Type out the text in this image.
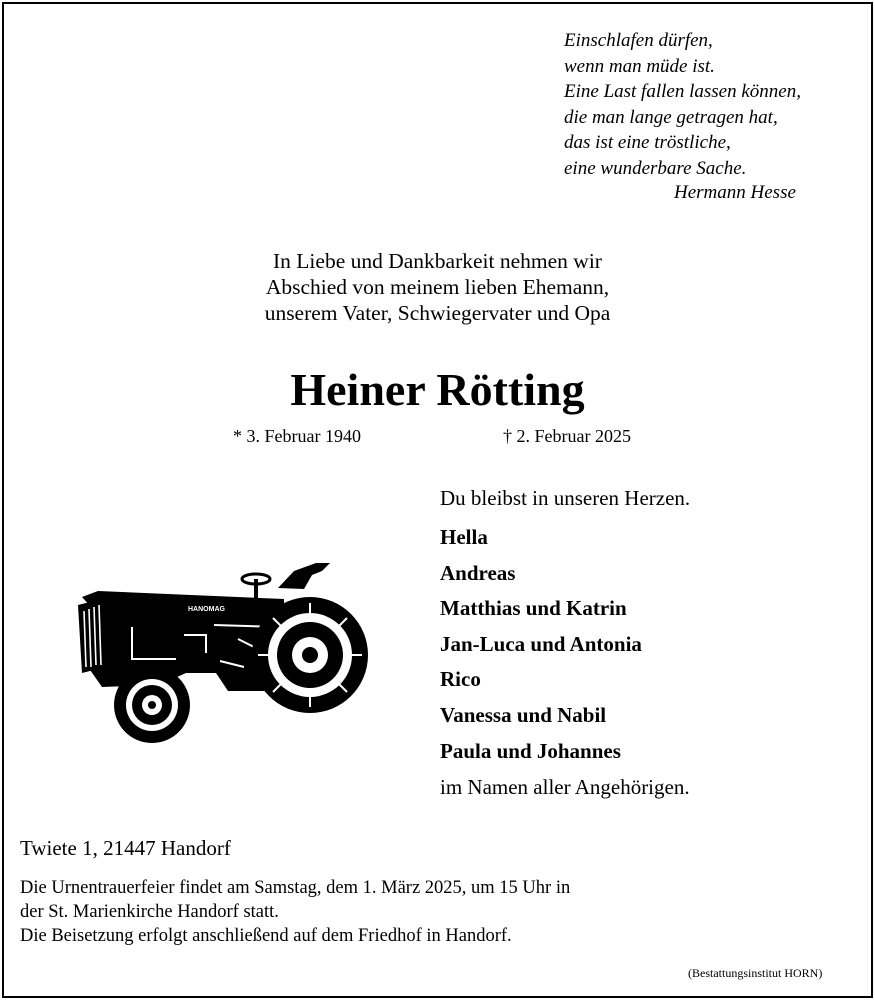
Einschlafen dürfen,
wenn man müde ist.
Eine Last fallen lassen können,
die man lange getragen hat,
das ist eine tröstliche,
eine wunderbare Sache.
Hermann Hesse
In Liebe und Dankbarkeit nehmen wir
Abschied von meinem lieben Ehemann,
unserem Vater, Schwiegervater und Opa
Heiner Rötting
* 3. Februar 1940	† 2. Februar 2025
HANOMAG
Du bleibst in unseren Herzen.
Hella
Andreas
Matthias und Katrin
Jan-Luca und Antonia
Rico
Vanessa und Nabil
Paula und Johannes
im Namen aller Angehörigen.
Twiete 1, 21447 Handorf
Die Urnentrauerfeier findet am Samstag, dem 1. März 2025, um 15 Uhr in
der St. Marienkirche Handorf statt.
Die Beisetzung erfolgt anschließend auf dem Friedhof in Handorf.
(Bestattungsinstitut HORN)
